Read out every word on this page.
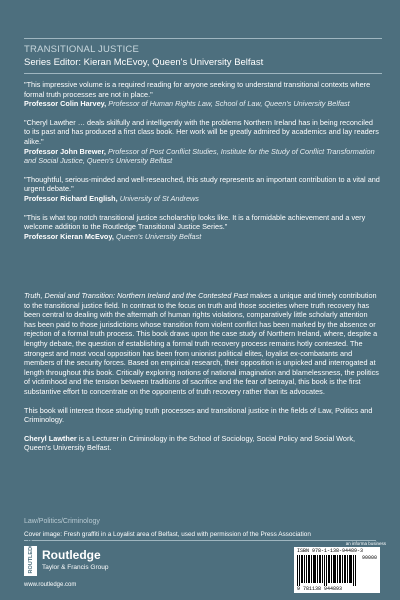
TRANSITIONAL JUSTICE
Series Editor: Kieran McEvoy, Queen's University Belfast
"This impressive volume is a required reading for anyone seeking to understand transitional contexts where formal truth processes are not in place."
Professor Colin Harvey, Professor of Human Rights Law, School of Law, Queen's University Belfast
"Cheryl Lawther … deals skilfully and intelligently with the problems Northern Ireland has in being reconciled to its past and has produced a first class book. Her work will be greatly admired by academics and lay readers alike."
Professor John Brewer, Professor of Post Conflict Studies, Institute for the Study of Conflict Transformation and Social Justice, Queen's University Belfast
"Thoughtful, serious-minded and well-researched, this study represents an important contribution to a vital and urgent debate."
Professor Richard English, University of St Andrews
"This is what top notch transitional justice scholarship looks like. It is a formidable achievement and a very welcome addition to the Routledge Transitional Justice Series."
Professor Kieran McEvoy, Queen's University Belfast

Truth, Denial and Transition: Northern Ireland and the Contested Past makes a unique and timely contribution to the transitional justice field. In contrast to the focus on truth and those societies where truth recovery has been central to dealing with the aftermath of human rights violations, comparatively little scholarly attention has been paid to those jurisdictions whose transition from violent conflict has been marked by the absence or rejection of a formal truth process. This book draws upon the case study of Northern Ireland, where, despite a lengthy debate, the question of establishing a formal truth recovery process remains hotly contested. The strongest and most vocal opposition has been from unionist political elites, loyalist ex-combatants and members of the security forces. Based on empirical research, their opposition is unpicked and interrogated at length throughout this book. Critically exploring notions of national imagination and blamelessness, the politics of victimhood and the tension between traditions of sacrifice and the fear of betrayal, this book is the first substantive effort to concentrate on the opponents of truth recovery rather than its advocates.

This book will interest those studying truth processes and transitional justice in the fields of Law, Politics and Criminology.

Cheryl Lawther is a Lecturer in Criminology in the School of Sociology, Social Policy and Social Work, Queen's University Belfast.

Law/Politics/Criminology
Cover image: Fresh graffiti in a Loyalist area of Belfast, used with permission of the Press Association
ROUTLEDGE Routledge
Taylor & Francis Group
www.routledge.com
an informa business
ISBN 978-1-138-94489-3
90000
9 781138 944893
